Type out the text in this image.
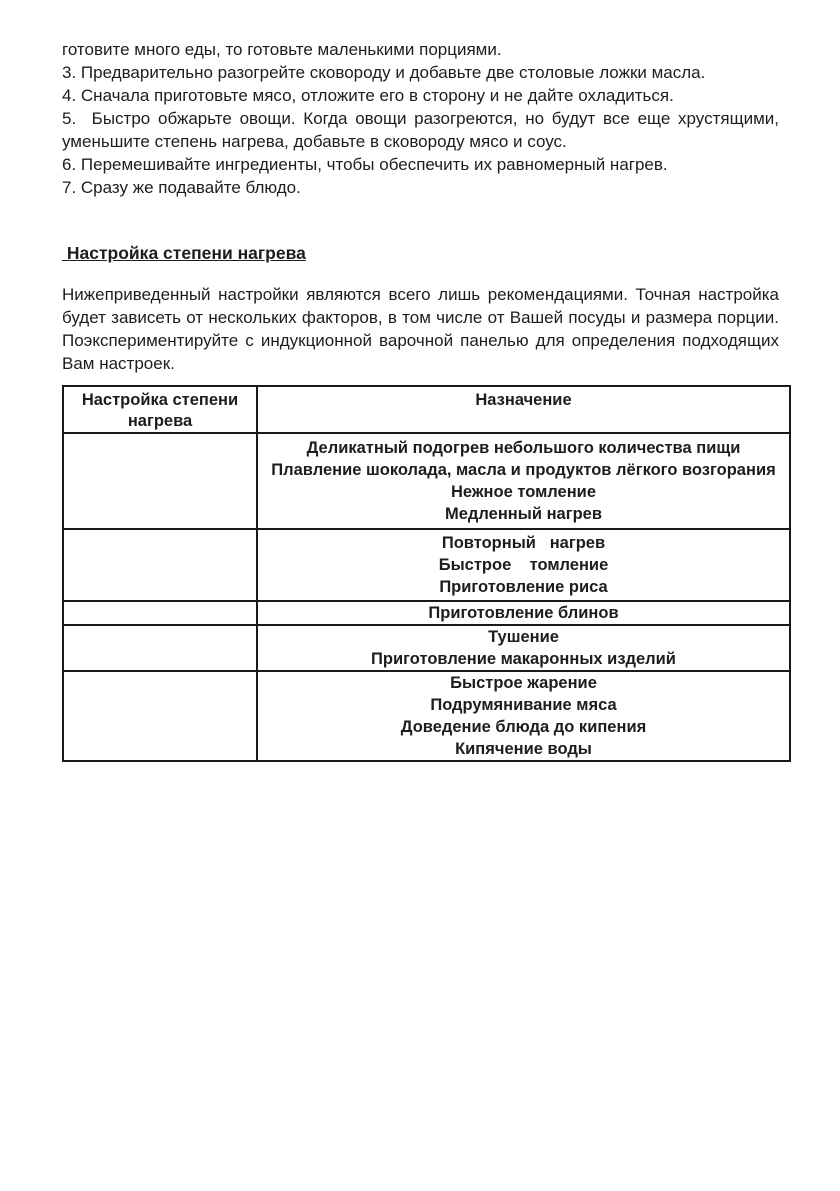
готовите много еды, то готовьте маленькими порциями.

3. Предварительно разогрейте сковороду и добавьте две столовые ложки масла.

4. Сначала приготовьте мясо, отложите его в сторону и не дайте охладиться.

5.  Быстро обжарьте овощи. Когда овощи разогреются, но будут все еще хрустящими,

уменьшите степень нагрева, добавьте в сковороду мясо и соус.

6. Перемешивайте ингредиенты, чтобы обеспечить их равномерный нагрев.

7. Сразу же подавайте блюдо.

Настройка степени нагрева

Нижеприведенный настройки являются всего лишь рекомендациями. Точная настройка

будет зависеть от нескольких факторов, в том числе от Вашей посуды и размера порции.

Поэкспериментируйте с индукционной варочной панелью для определения подходящих

Вам настроек.

Настройка степени нагрева	Назначение

	Деликатный подогрев небольшого количества пищи
Плавление шоколада, масла и продуктов лёгкого возгорания
Нежное томление
Медленный нагрев

	Повторный   нагрев
Быстрое    томление
Приготовление риса

	Приготовление блинов

	Тушение
Приготовление макаронных изделий

	Быстрое жарение
Подрумянивание мяса
Доведение блюда до кипения
Кипячение воды
